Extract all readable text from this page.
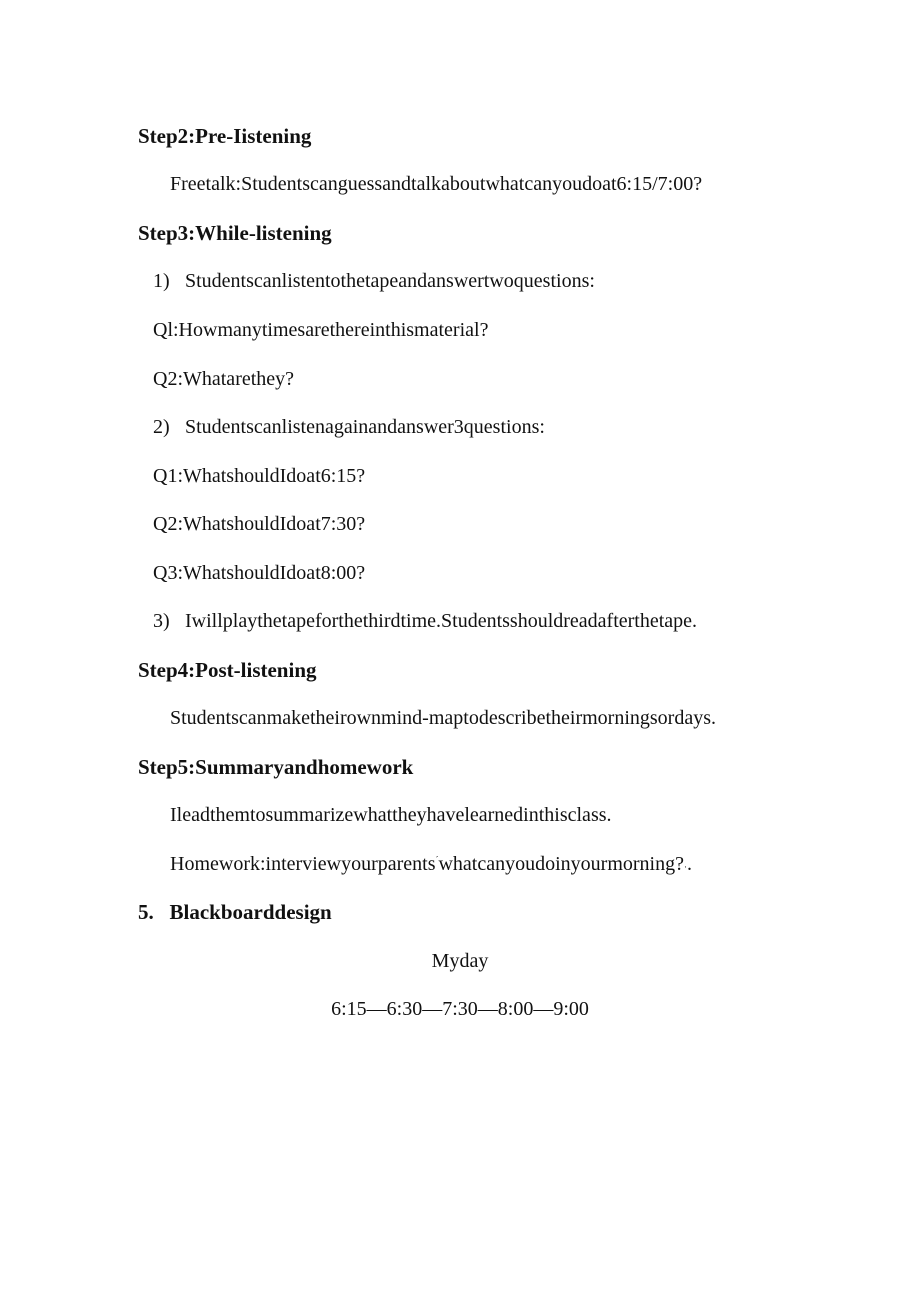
Step2:Pre-Iistening
Freetalk:Studentscanguessandtalkaboutwhatcanyoudoat6:15/7:00?
Step3:While-listening
1) Studentscanlistentothetapeandanswertwoquestions:
Ql:Howmanytimesarethereinthismaterial?
Q2:Whatarethey?
2) Studentscanlistenagainandanswer3questions:
Q1:WhatshouldIdoat6:15?
Q2:WhatshouldIdoat7:30?
Q3:WhatshouldIdoat8:00?
3) Iwillplaythetapeforthethirdtime.Studentsshouldreadafterthetape.
Step4:Post-listening
Studentscanmaketheirownmind-maptodescribetheirmorningsordays.
Step5:Summaryandhomework
Ileadthemtosummarizewhattheyhavelearnedinthisclass.
Homework:interviewyourparents´whatcanyoudoinyourmorning?·.
5.   Blackboarddesign
Myday
6:15—6:30—7:30—8:00—9:00
